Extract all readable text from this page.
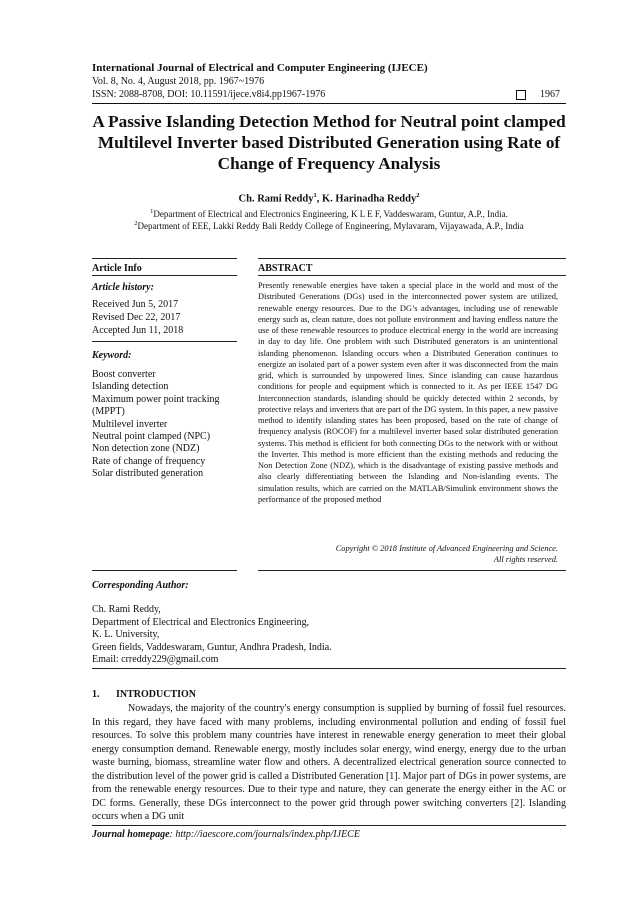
International Journal of Electrical and Computer Engineering (IJECE)
Vol. 8, No. 4, August 2018, pp. 1967~1976
ISSN: 2088-8708, DOI: 10.11591/ijece.v8i4.pp1967-1976	1967
A Passive Islanding Detection Method for Neutral point clamped Multilevel Inverter based Distributed Generation using Rate of Change of Frequency Analysis
Ch. Rami Reddy$^1$, K. Harinadha Reddy$^2$
$^1$Department of Electrical and Electronics Engineering, K L E F, Vaddeswaram, Guntur, A.P., India.
$^2$Department of EEE, Lakki Reddy Bali Reddy College of Engineering, Mylavaram, Vijayawada, A.P., India
Article Info
Article history:
Received Jun 5, 2017
Revised Dec 22, 2017
Accepted Jun 11, 2018
Keyword:
Boost converter
Islanding detection
Maximum power point tracking
(MPPT)
Multilevel inverter
Neutral point clamped (NPC)
Non detection zone (NDZ)
Rate of change of frequency
Solar distributed generation
ABSTRACT
Presently renewable energies have taken a special place in the world and most of the Distributed Generations (DGs) used in the interconnected power system are utilized, renewable energy resources. Due to the DG’s advantages, including use of renewable energy such as, clean nature, does not pollute environment and having endless nature the use of these renewable resources to produce electrical energy in the world are increasing in day to day life. One problem with such Distributed generators is an unintentional islanding phenomenon. Islanding occurs when a Distributed Generation continues to energize an isolated part of a power system even after it was disconnected from the main grid, which is surrounded by unpowered lines. Since islanding can cause hazardous conditions for people and equipment which is connected to it. As per IEEE 1547 DG Interconnection standards, islanding should be quickly detected within 2 seconds, by protective relays and inverters that are part of the DG system. In this paper, a new passive method to identify islanding states has been proposed, based on the rate of change of frequency analysis (ROCOF) for a multilevel inverter based solar distributed generation systems. This method is efficient for both connecting DGs to the network with or without the Inverter. This method is more efficient than the existing methods and reducing the Non Detection Zone (NDZ), which is the disadvantage of existing passive methods and also clearly differentiating between the Islanding and Non-islanding events. The simulation results, which are carried on the MATLAB/Simulink environment shows the performance of the proposed method
Copyright © 2018 Institute of Advanced Engineering and Science.
All rights reserved.
Corresponding Author:
Ch. Rami Reddy,
Department of Electrical and Electronics Engineering,
K. L. University,
Green fields, Vaddeswaram, Guntur, Andhra Pradesh, India.
Email: crreddy229@gmail.com
1. INTRODUCTION
Nowadays, the majority of the country's energy consumption is supplied by burning of fossil fuel resources. In this regard, they have faced with many problems, including environmental pollution and ending of fossil fuel resources. To solve this problem many countries have interest in renewable energy generation to meet their global energy consumption demand. Renewable energy, mostly includes solar energy, wind energy, energy due to the urban waste burning, biomass, streamline water flow and others. A decentralized electrical generation source connected to the distribution level of the power grid is called a Distributed Generation [1]. Major part of DGs in power systems, are from the renewable energy resources. Due to their type and nature, they can generate the energy either in the AC or DC forms. Generally, these DGs interconnect to the power grid through power switching converters [2]. Islanding occurs when a DG unit
Journal homepage: http://iaescore.com/journals/index.php/IJECE
